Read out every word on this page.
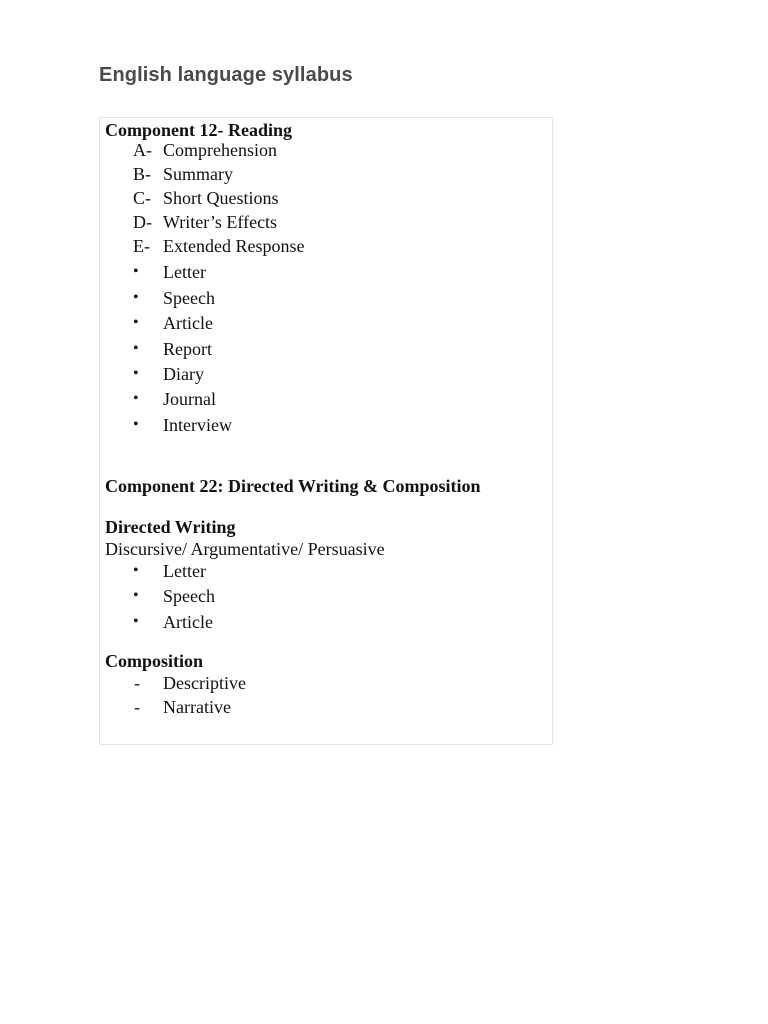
English language syllabus
Component 12- Reading
A- Comprehension
B- Summary
C- Short Questions
D- Writer’s Effects
E- Extended Response
• Letter
• Speech
• Article
• Report
• Diary
• Journal
• Interview
Component 22: Directed Writing & Composition
Directed Writing
Discursive/ Argumentative/ Persuasive
• Letter
• Speech
• Article
Composition
- Descriptive
- Narrative
